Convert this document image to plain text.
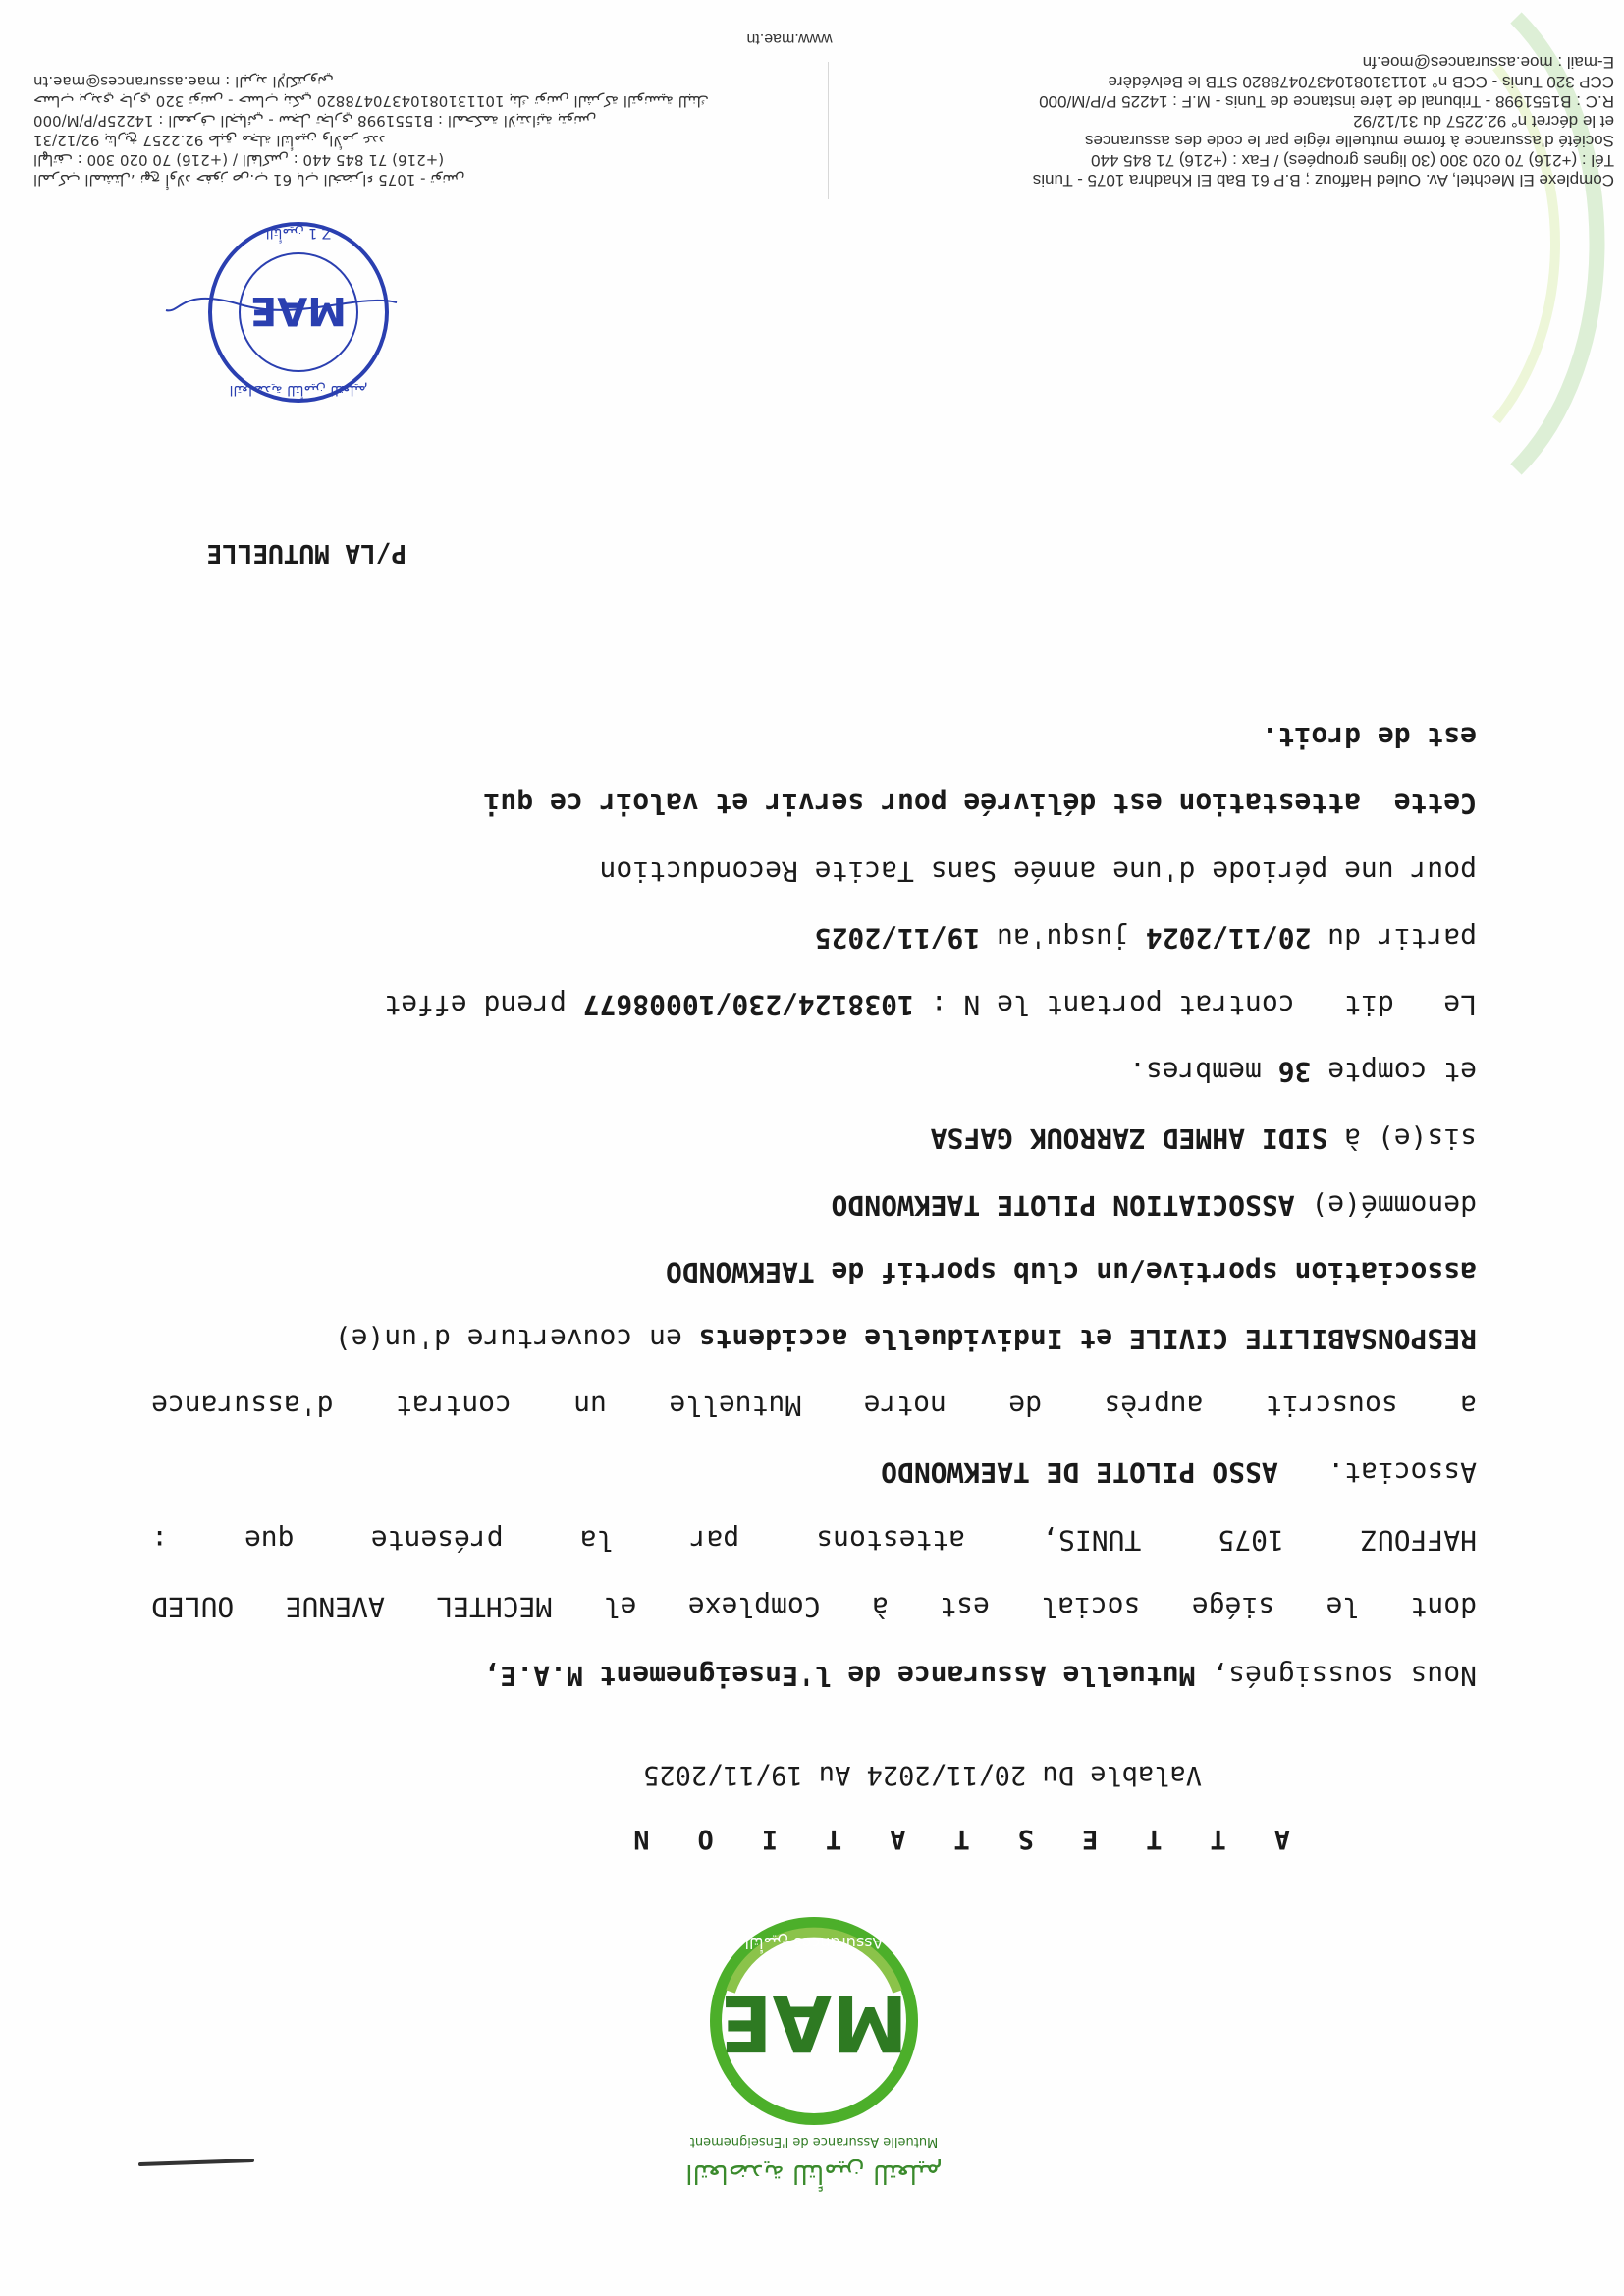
MAE
Assurances التأمين
التعاضدية للتأمين للتعليم
Mutuelle Assurance de l'Enseignement
ATTESTATION
Valable Du 20/11/2024 Au 19/11/2025
Nous soussignés, Mutuelle Assurance de l'Enseignement M.A.E,
dont
le
siége
social
est
à
Complexe
el
MECHTEL
AVENUE
OULED
HAFFOUZ
1075
TUNIS,
attestons
par
la
présente
que
:
Associat.   ASSO PILOTE DE TAEKWONDO
a
souscrit
auprès
de
notre
Mutuelle
un
contrat
d'assurance
RESPONSABILITE CIVILE et Individuelle accidents en couverture d'un(e)
association sportive/un club sportif de TAEKWONDO
denommé(e) ASSOCIATION PILOTE TAEKWONDO
sis(e) à SIDI AHMED ZARROUK GAFSA
et compte 36 membres.
Le   dit   contrat portant le N : 1038124/230/10008677 prend effet
partir du 20/11/2024 jusqu'au 19/11/2025
pour une période d'une année Sans Tacite Reconduction
Cette  attestation est délivrée pour servir et valoir ce qui
est de droit.
P/LA MUTUELLE
MAE
التعاضدية للتأمين للتعليم
Z 1 التأمين
Complexe El Mechtel, Av. Ouled Haffouz ; B.P 61 Bab El Khadhra 1075 - Tunis
Tél : (+216) 70 020 300 (30 lignes groupées) / Fax : (+216) 71 845 440
Société d'assurance à forme mutuelle régie par le code des assurances
et le décret n° 92.2257 du 31/12/92
R.C : B1551998 - Tribunal de 1ère instance de Tunis - M.F : 14225 P/P/M/000
CCP 320 Tunis - CCB n° 10113108104370478820 STB le Belvédère
E-mail : moe.assurances@moe.fn
www.mae.tn
المركب المشتل، نهج أولاد حفوز ص.ب 61 باب الخضراء 1075 - تونس
الهاتف : 300 020 70 (216+) / الفاكس : 440 845 71 (216+)
92/12/31 بتاريخ 92.2257 طبق مجلة التأمين والأمر عدد
14225P/P/M/000 : المعرف الجبائي - سجل تجاري B1551998 : المحكمة الابتدائية بتونس
حساب بريدي جاري 320 تونس - حساب بنكي 10113108104370478820 بنك تونس الشركة التونسية للبنك
mae.assurances@mae.tn : البريد الإلكتروني
